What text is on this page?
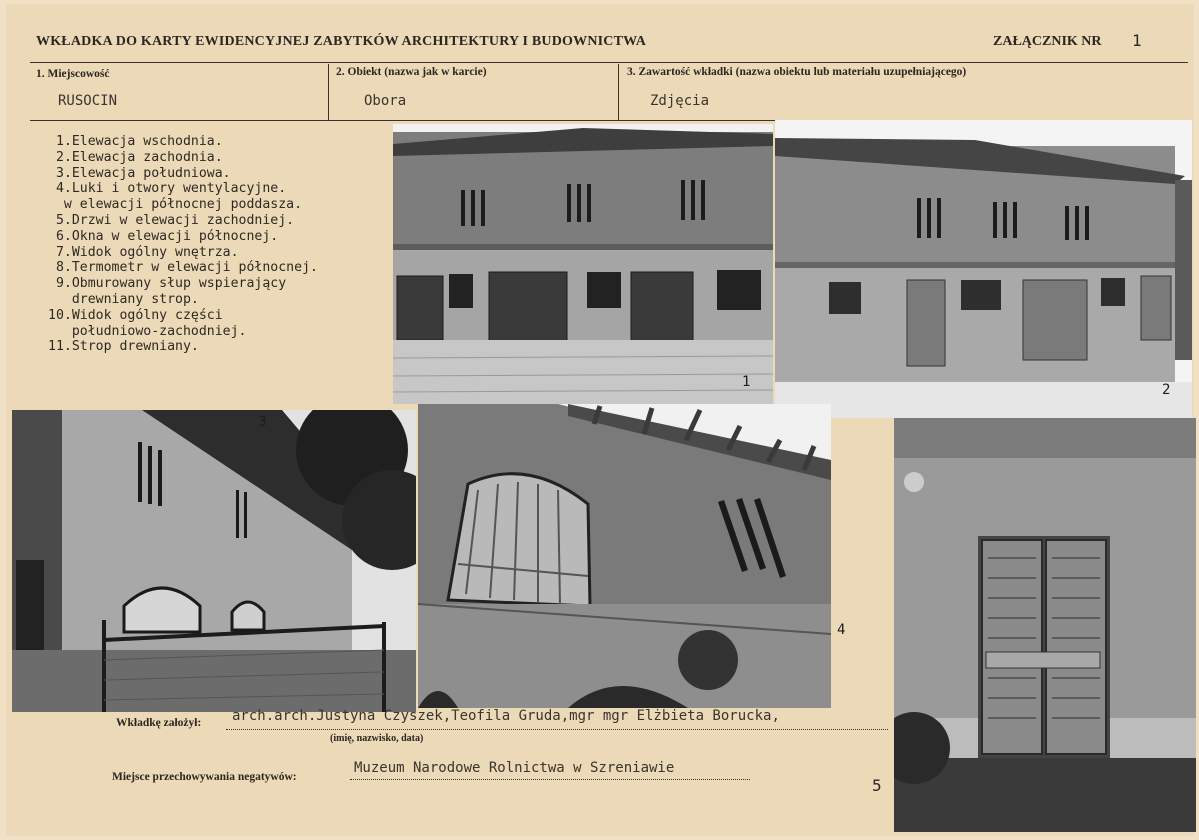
WKŁADKA DO KARTY EWIDENCYJNEJ ZABYTKÓW ARCHITEKTURY I BUDOWNICTWA	ZAŁĄCZNIK NR 1
1. Miejscowość
RUSOCIN
2. Obiekt (nazwa jak w karcie)
Obora
3. Zawartość wkładki (nazwa obiektu lub materiału uzupełniającego)
Zdjęcia
1.Elewacja wschodnia.
2.Elewacja zachodnia.
3.Elewacja południowa.
4.Luki i otwory wentylacyjne.
w elewacji północnej poddasza.
5.Drzwi w elewacji zachodniej.
6.Okna w elewacji północnej.
7.Widok ogólny wnętrza.
8.Termometr w elewacji północnej.
9.Obmurowany słup wspierający
drewniany strop.
10.Widok ogólny części
południowo-zachodniej.
11.Strop drewniany.
1	2
3
4
5
Wkładkę założył: arch.arch.Justyna Czyszek,Teofila Gruda,mgr mgr Elżbieta Borucka,
(imię, nazwisko, data)
Miejsce przechowywania negatywów:
Muzeum Narodowe Rolnictwa w Szreniawie
